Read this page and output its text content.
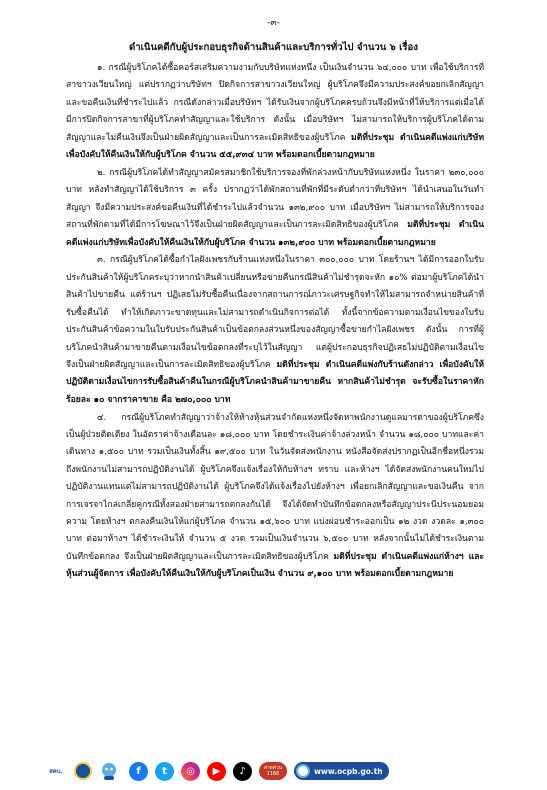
-๓-
ดำเนินคดีกับผู้ประกอบธุรกิจด้านสินค้าและบริการทั่วไป จำนวน ๖ เรื่อง

๑. กรณีผู้บริโภคได้ซื้อคอร์สเสริมความงามกับบริษัทแห่งหนึ่ง เป็นเงินจำนวน ๖๔,๐๐๐ บาท เพื่อใช้บริการที่สาขาวงเวียนใหญ่ แต่ปรากฏว่าบริษัทฯ ปิดกิจการสาขาวงเวียนใหญ่ ผู้บริโภคจึงมีความประสงค์ขอยกเลิกสัญญาและขอคืนเงินที่ชำระไปแล้ว กรณีดังกล่าวเมื่อบริษัทฯ ได้รับเงินจากผู้บริโภคครบถ้วนจึงมีหน้าที่ให้บริการแต่เมื่อได้มีการปิดกิจการสาขาที่ผู้บริโภคทำสัญญาและใช้บริการ ดังนั้น เมื่อบริษัทฯ ไม่สามารถให้บริการผู้บริโภคได้ตามสัญญาและไม่คืนเงินจึงเป็นฝ่ายผิดสัญญาและเป็นการละเมิดสิทธิของผู้บริโภค มติที่ประชุม ดำเนินคดีแพ่งแก่บริษัทเพื่อบังคับให้คืนเงินให้กับผู้บริโภค จำนวน ๕๕,๙๓๔ บาท พร้อมดอกเบี้ยตามกฎหมาย

๒. กรณีผู้บริโภคได้ทำสัญญาสมัครสมาชิกใช้บริการจองที่พักล่วงหน้ากับบริษัทแห่งหนึ่ง ในราคา ๒๓๐,๐๐๐ บาท หลังทำสัญญาได้ใช้บริการ ๓ ครั้ง ปรากฏว่าได้พักสถานที่พักที่มีระดับต่ำกว่าที่บริษัทฯ ได้นำเสนอในวันทำสัญญา จึงมีความประสงค์ขอคืนเงินที่ได้ชำระไปแล้วจำนวน ๑๓๒,๙๐๐ บาท เมื่อบริษัทฯ ไม่สามารถให้บริการจองสถานที่พักตามที่ได้มีการโฆษณาไว้จึงเป็นฝ่ายผิดสัญญาและเป็นการละเมิดสิทธิของผู้บริโภค มติที่ประชุม ดำเนินคดีแพ่งแก่บริษัทเพื่อบังคับให้คืนเงินให้กับผู้บริโภค จำนวน ๑๓๒,๙๐๐ บาท พร้อมดอกเบี้ยตามกฎหมาย

๓. กรณีผู้บริโภคได้ซื้อกำไลฝังเพชรกับร้านแห่งหนึ่งในราคา ๓๐๐,๐๐๐ บาท โดยร้านฯ ได้มีการออกใบรับประกันสินค้าให้ผู้บริโภคระบุว่าหากนำสินค้าเปลี่ยนหรือขายคืนกรณีสินค้าไม่ชำรุดจะหัก ๑๐% ต่อมาผู้บริโภคได้นำสินค้าไปขายคืน แต่ร้านฯ ปฏิเสธไม่รับซื้อคืนเนื่องจากสถานการณ์ภาวะเศรษฐกิจทำให้ไม่สามารถจำหน่ายสินค้าที่รับซื้อคืนได้ ทำให้เกิดภาวะขาดทุนและไม่สามารถดำเนินกิจการต่อได้ ทั้งนี้จากข้อความตามเงื่อนไขของใบรับประกันสินค้าข้อความในใบรับประกันสินค้าเป็นข้อตกลงส่วนหนึ่งของสัญญาซื้อขายกำไลฝังเพชร ดังนั้น การที่ผู้บริโภคนำสินค้ามาขายคืนตามเงื่อนไขข้อตกลงที่ระบุไว้ในสัญญา แต่ผู้ประกอบธุรกิจปฏิเสธไม่ปฏิบัติตามเงื่อนไข จึงเป็นฝ่ายผิดสัญญาและเป็นการละเมิดสิทธิของผู้บริโภค มติที่ประชุม ดำเนินคดีแพ่งกับร้านดังกล่าว เพื่อบังคับให้ปฏิบัติตามเงื่อนไขการรับซื้อสินค้าคืนในกรณีผู้บริโภคนำสินค้ามาขายคืน หากสินค้าไม่ชำรุด จะรับซื้อในราคาหักร้อยละ ๑๐ จากราคาขาย คือ ๒๗๐,๐๐๐ บาท

๔. กรณีผู้บริโภคทำสัญญาว่าจ้างให้ห้างหุ้นส่วนจำกัดแห่งหนึ่งจัดหาพนักงานดูแลมารดาของผู้บริโภคซึ่งเป็นผู้ป่วยติดเตียง ในอัตราค่าจ้างเดือนละ ๑๘,๐๐๐ บาท โดยชำระเงินค่าจ้างล่วงหน้า จำนวน ๑๘,๐๐๐ บาทและค่าเดินทาง ๑,๕๐๐ บาท รวมเป็นเงินทั้งสิ้น ๑๙,๕๐๐ บาท ในวันจัดส่งพนักงาน หนังสือจัดส่งปรากฏเป็นอีกชื่อหนึ่งรวมถึงพนักงานไม่สามารถปฏิบัติงานได้ ผู้บริโภคจึงแจ้งเรื่องให้กับห้างฯ ทราบ และห้างฯ ได้จัดส่งพนักงานคนใหม่ไปปฏิบัติงานแทนแต่ไม่สามารถปฏิบัติงานได้ ผู้บริโภคจึงได้แจ้งเรื่องไปยังห้างฯ เพื่อยกเลิกสัญญาและขอเงินคืน จากการเจรจาไกล่เกลี่ยคู่กรณีทั้งสองฝ่ายสามารถตกลงกันได้ จึงได้จัดทำบันทึกข้อตกลงหรือสัญญาประนีประนอมยอมความ โดยห้างฯ ตกลงคืนเงินให้แก่ผู้บริโภค จำนวน ๑๕,๖๐๐ บาท แบ่งผ่อนชำระออกเป็น ๑๒ งวด งวดละ ๑,๓๐๐ บาท ต่อมาห้างฯ ได้ชำระเงินให้ จำนวน ๕ งวด รวมเป็นเงินจำนวน ๖,๕๐๐ บาท หลังจากนั้นไม่ได้ชำระเงินตามบันทึกข้อตกลง จึงเป็นฝ่ายผิดสัญญาและเป็นการละเมิดสิทธิของผู้บริโภค มติที่ประชุม ดำเนินคดีแพ่งแก่ห้างฯ และหุ้นส่วนผู้จัดการ เพื่อบังคับให้คืนเงินให้กับผู้บริโภคเป็นเงิน จำนวน ๙,๑๐๐ บาท พร้อมดอกเบี้ยตามกฎหมาย

สคบ.	f	t	◎	▶	♪	สายด่วน
1166	www.ocpb.go.th
